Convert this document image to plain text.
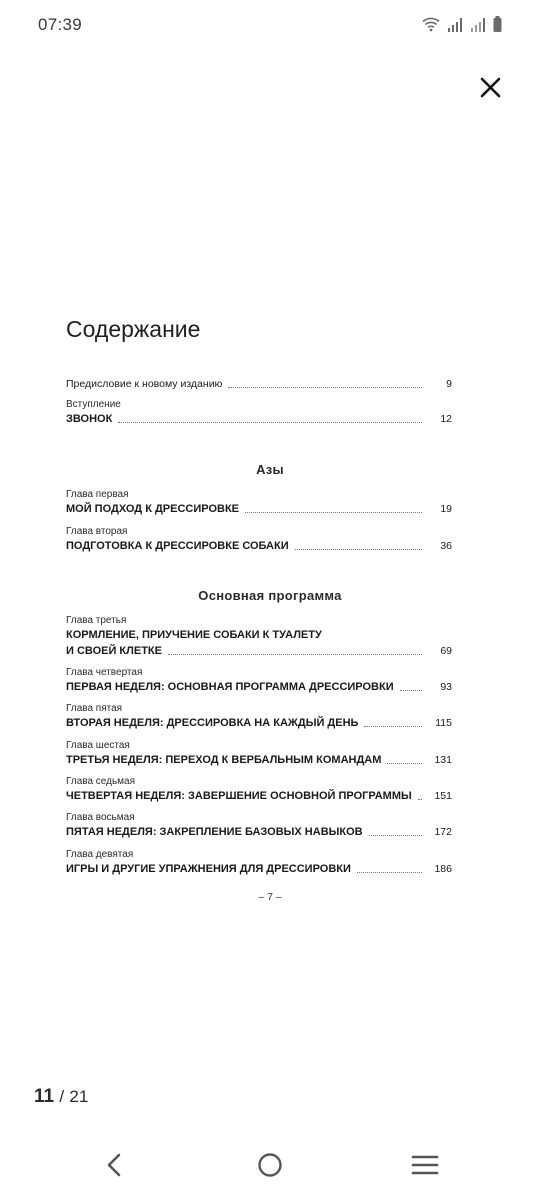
07:39
Содержание
Предисловие к новому изданию	9
Вступление
ЗВОНОК	12
Азы
Глава первая
МОЙ ПОДХОД К ДРЕССИРОВКЕ	19
Глава вторая
ПОДГОТОВКА К ДРЕССИРОВКЕ СОБАКИ	36
Основная программа
Глава третья
КОРМЛЕНИЕ, ПРИУЧЕНИЕ СОБАКИ К ТУАЛЕТУ
И СВОЕЙ КЛЕТКЕ	69
Глава четвертая
ПЕРВАЯ НЕДЕЛЯ: ОСНОВНАЯ ПРОГРАММА ДРЕССИРОВКИ	93
Глава пятая
ВТОРАЯ НЕДЕЛЯ: ДРЕССИРОВКА НА КАЖДЫЙ ДЕНЬ	115
Глава шестая
ТРЕТЬЯ НЕДЕЛЯ: ПЕРЕХОД К ВЕРБАЛЬНЫМ КОМАНДАМ	131
Глава седьмая
ЧЕТВЕРТАЯ НЕДЕЛЯ: ЗАВЕРШЕНИЕ ОСНОВНОЙ ПРОГРАММЫ	151
Глава восьмая
ПЯТАЯ НЕДЕЛЯ: ЗАКРЕПЛЕНИЕ БАЗОВЫХ НАВЫКОВ	172
Глава девятая
ИГРЫ И ДРУГИЕ УПРАЖНЕНИЯ ДЛЯ ДРЕССИРОВКИ	186
– 7 –
11 / 21
